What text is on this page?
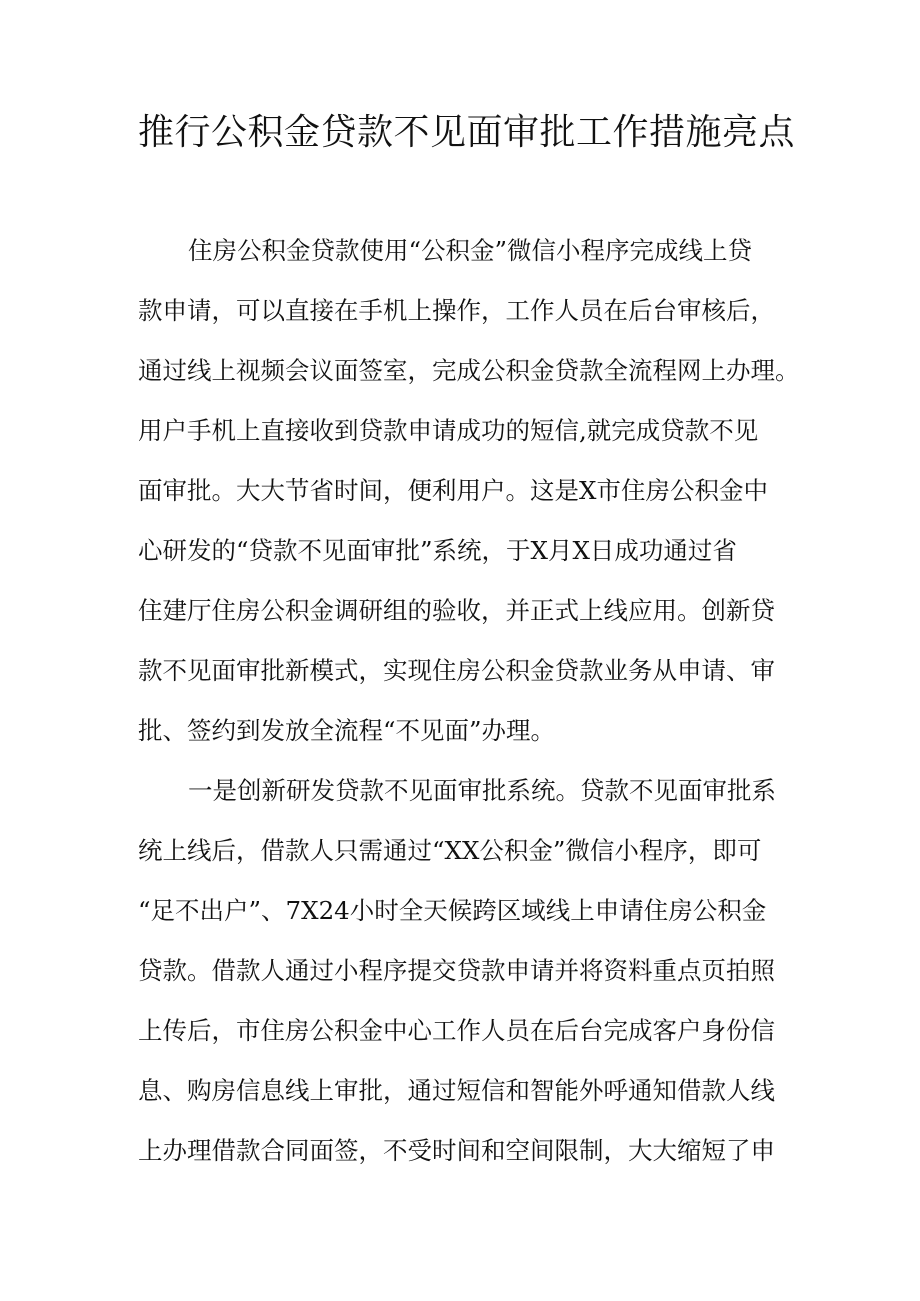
推行公积金贷款不见面审批工作措施亮点
住房公积金贷款使用“公积金”微信小程序完成线上贷
款申请，可以直接在手机上操作，工作人员在后台审核后，
通过线上视频会议面签室，完成公积金贷款全流程网上办理。
用户手机上直接收到贷款申请成功的短信,就完成贷款不见
面审批。大大节省时间，便利用户。这是X市住房公积金中
心研发的“贷款不见面审批”系统，于X月X日成功通过省
住建厅住房公积金调研组的验收，并正式上线应用。创新贷
款不见面审批新模式，实现住房公积金贷款业务从申请、审
批、签约到发放全流程“不见面”办理。
一是创新研发贷款不见面审批系统。贷款不见面审批系
统上线后，借款人只需通过“XX公积金”微信小程序，即可
“足不出户”、7X24小时全天候跨区域线上申请住房公积金
贷款。借款人通过小程序提交贷款申请并将资料重点页拍照
上传后，市住房公积金中心工作人员在后台完成客户身份信
息、购房信息线上审批，通过短信和智能外呼通知借款人线
上办理借款合同面签，不受时间和空间限制，大大缩短了申
